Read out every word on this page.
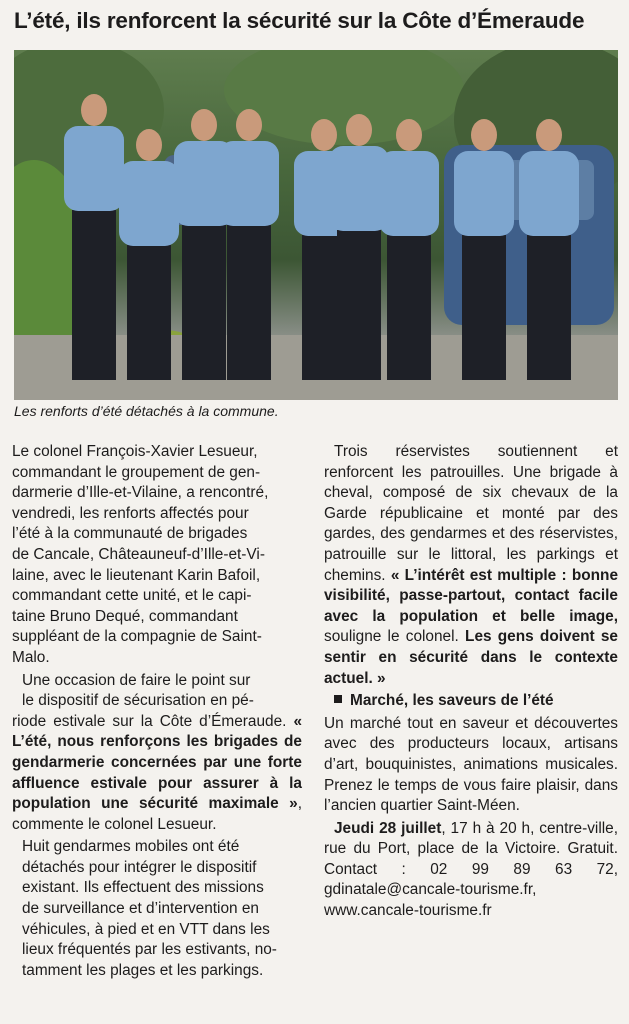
L’été, ils renforcent la sécurité sur la Côte d’Émeraude

Les renforts d’été détachés à la commune.

Le colonel François-Xavier Lesueur,
commandant le groupement de gen-
darmerie d’Ille-et-Vilaine, a rencontré,
vendredi, les renforts affectés pour
l’été à la communauté de brigades
de Cancale, Châteauneuf-d’Ille-et-Vi-
laine, avec le lieutenant Karin Bafoil,
commandant cette unité, et le capi-
taine Bruno Dequé, commandant
suppléant de la compagnie de Saint-
Malo.

Une occasion de faire le point sur
le dispositif de sécurisation en pé-
riode estivale sur la Côte d’Émeraude. « L’été, nous renforçons les brigades de gendarmerie concernées par une forte affluence estivale pour assurer à la population une sécurité maximale », commente le colonel Lesueur.

Huit gendarmes mobiles ont été
détachés pour intégrer le dispositif
existant. Ils effectuent des missions
de surveillance et d’intervention en
véhicules, à pied et en VTT dans les
lieux fréquentés par les estivants, no-
tamment les plages et les parkings.

Trois réservistes soutiennent et renforcent les patrouilles. Une brigade à cheval, composé de six chevaux de la Garde républicaine et monté par des gardes, des gendarmes et des réservistes, patrouille sur le littoral, les parkings et chemins. « L’intérêt est multiple : bonne visibilité, passe-partout, contact facile avec la population et belle image, souligne le colonel. Les gens doivent se sentir en sécurité dans le contexte actuel. »

Marché, les saveurs de l’été

Un marché tout en saveur et découvertes avec des producteurs locaux, artisans d’art, bouquinistes, animations musicales. Prenez le temps de vous faire plaisir, dans l’ancien quartier Saint-Méen.

Jeudi 28 juillet, 17 h à 20 h, centre-ville, rue du Port, place de la Victoire. Gratuit. Contact : 02 99 89 63 72, gdinatale@cancale-tourisme.fr, www.cancale-tourisme.fr
